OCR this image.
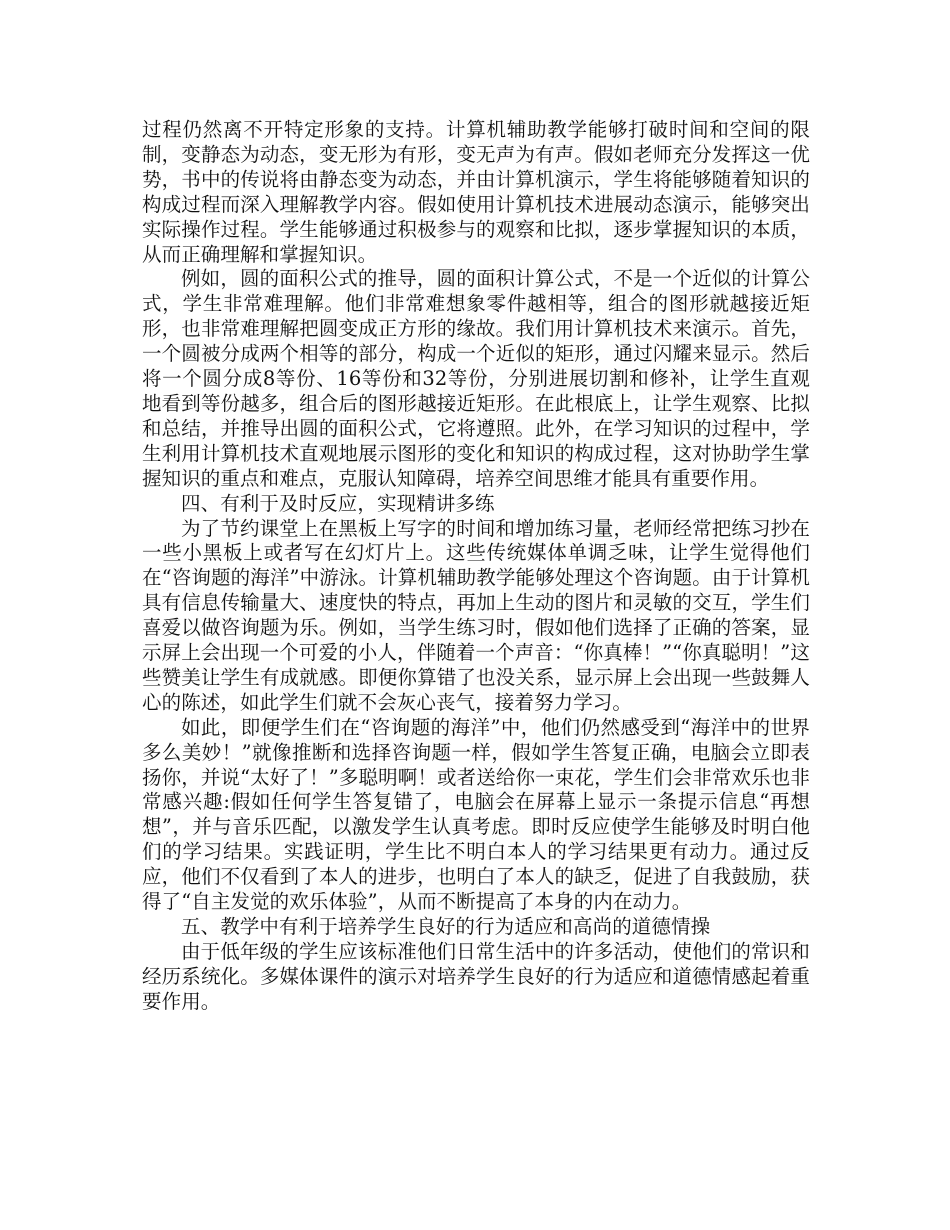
过程仍然离不开特定形象的支持。计算机辅助教学能够打破时间和空间的限制，变静态为动态，变无形为有形，变无声为有声。假如老师充分发挥这一优势，书中的传说将由静态变为动态，并由计算机演示，学生将能够随着知识的构成过程而深入理解教学内容。假如使用计算机技术进展动态演示，能够突出实际操作过程。学生能够通过积极参与的观察和比拟，逐步掌握知识的本质，从而正确理解和掌握知识。

例如，圆的面积公式的推导，圆的面积计算公式，不是一个近似的计算公式，学生非常难理解。他们非常难想象零件越相等，组合的图形就越接近矩形，也非常难理解把圆变成正方形的缘故。我们用计算机技术来演示。首先，一个圆被分成两个相等的部分，构成一个近似的矩形，通过闪耀来显示。然后将一个圆分成8等份、16等份和32等份，分别进展切割和修补，让学生直观地看到等份越多，组合后的图形越接近矩形。在此根底上，让学生观察、比拟和总结，并推导出圆的面积公式，它将遵照。此外，在学习知识的过程中，学生利用计算机技术直观地展示图形的变化和知识的构成过程，这对协助学生掌握知识的重点和难点，克服认知障碍，培养空间思维才能具有重要作用。

四、有利于及时反应，实现精讲多练

为了节约课堂上在黑板上写字的时间和增加练习量，老师经常把练习抄在一些小黑板上或者写在幻灯片上。这些传统媒体单调乏味，让学生觉得他们在“咨询题的海洋”中游泳。计算机辅助教学能够处理这个咨询题。由于计算机具有信息传输量大、速度快的特点，再加上生动的图片和灵敏的交互，学生们喜爱以做咨询题为乐。例如，当学生练习时，假如他们选择了正确的答案，显示屏上会出现一个可爱的小人，伴随着一个声音：“你真棒！”“你真聪明！”这些赞美让学生有成就感。即便你算错了也没关系，显示屏上会出现一些鼓舞人心的陈述，如此学生们就不会灰心丧气，接着努力学习。

如此，即便学生们在“咨询题的海洋”中，他们仍然感受到“海洋中的世界多么美妙！”就像推断和选择咨询题一样，假如学生答复正确，电脑会立即表扬你，并说“太好了！”多聪明啊！或者送给你一束花，学生们会非常欢乐也非常感兴趣:假如任何学生答复错了，电脑会在屏幕上显示一条提示信息“再想想”，并与音乐匹配，以激发学生认真考虑。即时反应使学生能够及时明白他们的学习结果。实践证明，学生比不明白本人的学习结果更有动力。通过反应，他们不仅看到了本人的进步，也明白了本人的缺乏，促进了自我鼓励，获得了“自主发觉的欢乐体验”，从而不断提高了本身的内在动力。

五、教学中有利于培养学生良好的行为适应和高尚的道德情操

由于低年级的学生应该标准他们日常生活中的许多活动，使他们的常识和经历系统化。多媒体课件的演示对培养学生良好的行为适应和道德情感起着重要作用。
